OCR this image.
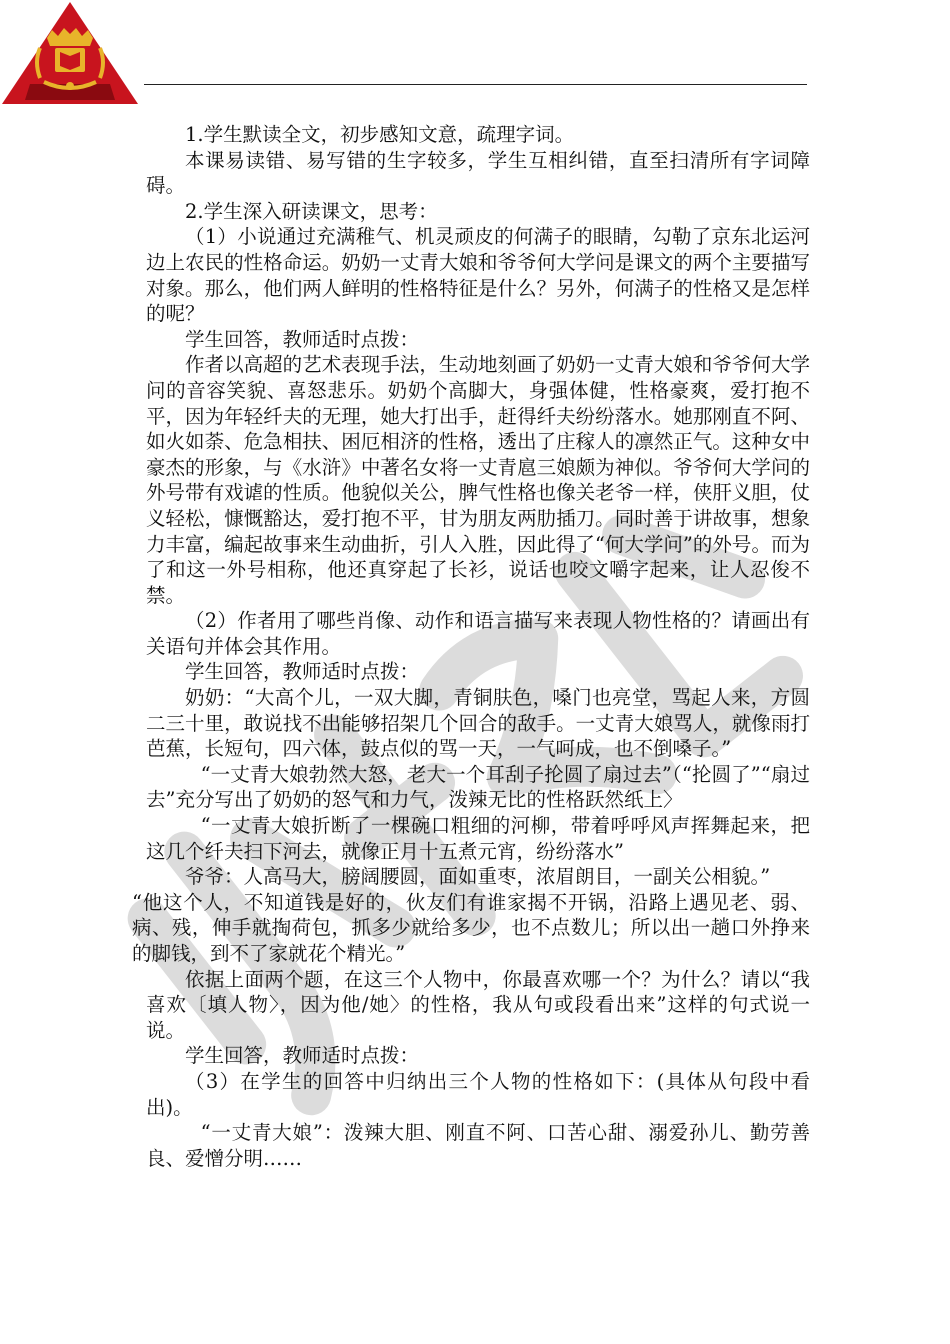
1.学生默读全文，初步感知文意，疏理字词。

本课易读错、易写错的生字较多，学生互相纠错，直至扫清所有字词障碍。

2.学生深入研读课文，思考：

（1）小说通过充满稚气、机灵顽皮的何满子的眼睛，勾勒了京东北运河边上农民的性格命运。奶奶一丈青大娘和爷爷何大学问是课文的两个主要描写对象。那么，他们两人鲜明的性格特征是什么？另外，何满子的性格又是怎样的呢？

学生回答，教师适时点拨：

作者以高超的艺术表现手法，生动地刻画了奶奶一丈青大娘和爷爷何大学问的音容笑貌、喜怒悲乐。奶奶个高脚大，身强体健，性格豪爽，爱打抱不平，因为年轻纤夫的无理，她大打出手，赶得纤夫纷纷落水。她那刚直不阿、如火如荼、危急相扶、困厄相济的性格，透出了庄稼人的凛然正气。这种女中豪杰的形象，与《水浒》中著名女将一丈青扈三娘颇为神似。爷爷何大学问的外号带有戏谑的性质。他貌似关公，脾气性格也像关老爷一样，侠肝义胆，仗义轻松，慷慨豁达，爱打抱不平，甘为朋友两肋插刀。同时善于讲故事，想象力丰富，编起故事来生动曲折，引人入胜，因此得了“何大学问”的外号。而为了和这一外号相称，他还真穿起了长衫，说话也咬文嚼字起来，让人忍俊不禁。

（2）作者用了哪些肖像、动作和语言描写来表现人物性格的？请画出有关语句并体会其作用。

学生回答，教师适时点拨：

奶奶：“大高个儿，一双大脚，青铜肤色，嗓门也亮堂，骂起人来，方圆二三十里，敢说找不出能够招架几个回合的敌手。一丈青大娘骂人，就像雨打芭蕉，长短句，四六体，鼓点似的骂一天，一气呵成，也不倒嗓子。”

“一丈青大娘勃然大怒，老大一个耳刮子抡圆了扇过去”（“抡圆了”“扇过去”充分写出了奶奶的怒气和力气，泼辣无比的性格跃然纸上〉

“一丈青大娘折断了一棵碗口粗细的河柳，带着呼呼风声挥舞起来，把这几个纤夫扫下河去，就像正月十五煮元宵，纷纷落水”

爷爷：人高马大，膀阔腰圆，面如重枣，浓眉朗目，一副关公相貌。”

“他这个人，不知道钱是好的，伙友们有谁家揭不开锅，沿路上遇见老、弱、病、残，伸手就掏荷包，抓多少就给多少，也不点数儿；所以出一趟口外挣来的脚钱，到不了家就花个精光。”

依据上面两个题，在这三个人物中，你最喜欢哪一个？为什么？请以“我喜欢〔填人物〉，因为他/她〉的性格，我从句或段看出来”这样的句式说一说。

学生回答，教师适时点拨：

（3）在学生的回答中归纳出三个人物的性格如下：(具体从句段中看出)。

“一丈青大娘”：泼辣大胆、刚直不阿、口苦心甜、溺爱孙儿、勤劳善良、爱憎分明……
